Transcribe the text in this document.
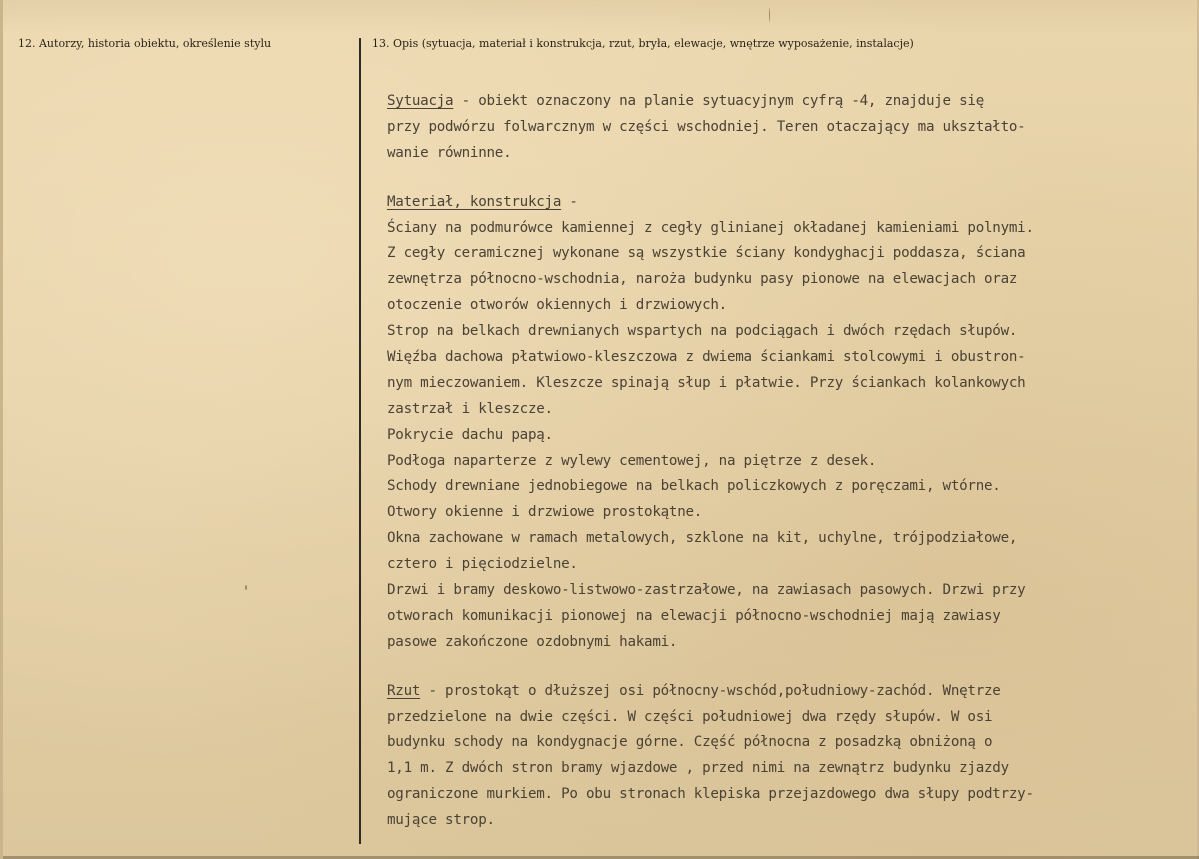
12. Autorzy, historia obiektu, określenie stylu	13. Opis (sytuacja, materiał i konstrukcja, rzut, bryła, elewacje, wnętrze wyposażenie, instalacje)
Sytuacja - obiekt oznaczony na planie sytuacyjnym cyfrą -4, znajduje się
przy podwórzu folwarcznym w części wschodniej. Teren otaczający ma ukształto-
wanie równinne.
Materiał, konstrukcja -
Ściany na podmurówce kamiennej z cegły glinianej okładanej kamieniami polnymi.
Z cegły ceramicznej wykonane są wszystkie ściany kondyghacji poddasza, ściana
zewnętrza północno-wschodnia, naroża budynku pasy pionowe na elewacjach oraz
otoczenie otworów okiennych i drzwiowych.
Strop na belkach drewnianych wspartych na podciągach i dwóch rzędach słupów.
Więźba dachowa płatwiowo-kleszczowa z dwiema ściankami stolcowymi i obustron-
nym mieczowaniem. Kleszcze spinają słup i płatwie. Przy ściankach kolankowych
zastrzał i kleszcze.
Pokrycie dachu papą.
Podłoga naparterze z wylewy cementowej, na piętrze z desek.
Schody drewniane jednobiegowe na belkach policzkowych z poręczami, wtórne.
Otwory okienne i drzwiowe prostokątne.
Okna zachowane w ramach metalowych, szklone na kit, uchylne, trójpodziałowe,
cztero i pięciodzielne.
Drzwi i bramy deskowo-listwowo-zastrzałowe, na zawiasach pasowych. Drzwi przy
otworach komunikacji pionowej na elewacji północno-wschodniej mają zawiasy
pasowe zakończone ozdobnymi hakami.
Rzut - prostokąt o dłuższej osi północny-wschód,południowy-zachód. Wnętrze
przedzielone na dwie części. W części południowej dwa rzędy słupów. W osi
budynku schody na kondygnacje górne. Część północna z posadzką obniżoną o
1,1 m. Z dwóch stron bramy wjazdowe , przed nimi na zewnątrz budynku zjazdy
ograniczone murkiem. Po obu stronach klepiska przejazdowego dwa słupy podtrzy-
mujące strop.
